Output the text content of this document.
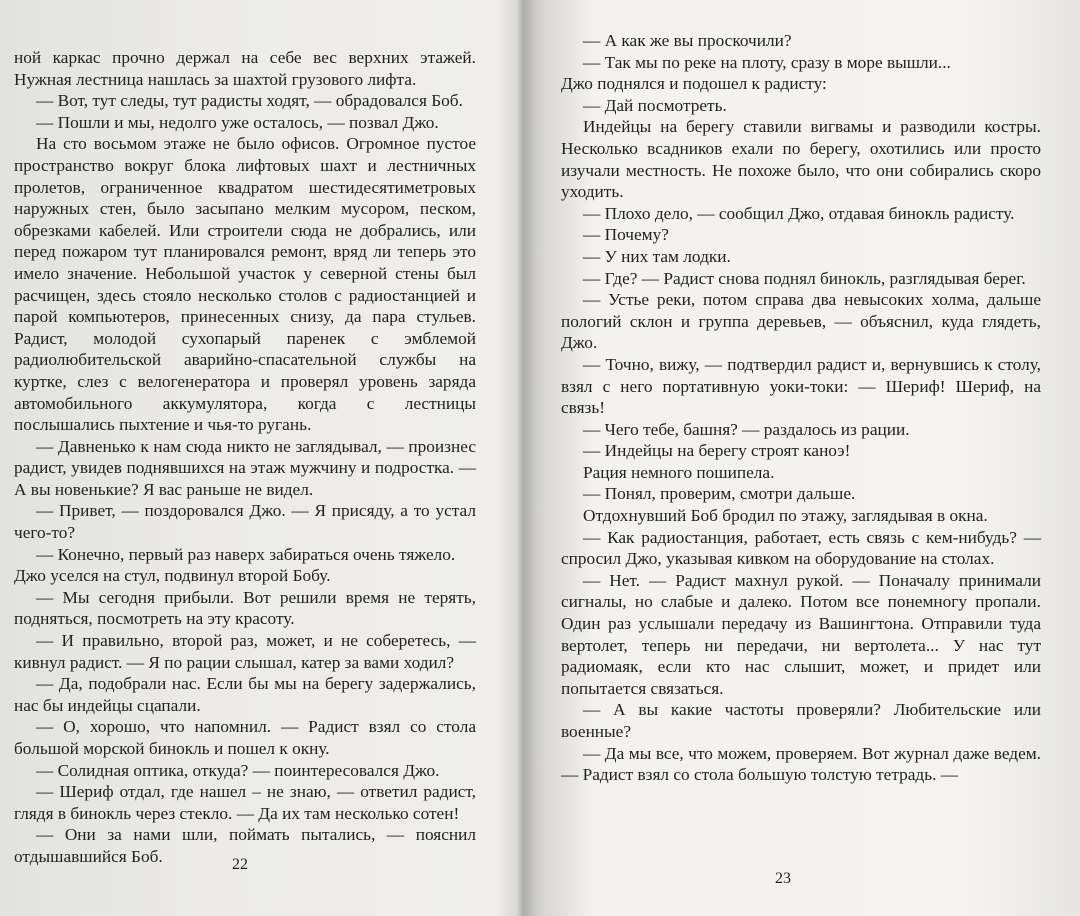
ной каркас прочно держал на себе вес верхних этажей. Нужная лестница нашлась за шахтой грузового лифта.

— Вот, тут следы, тут радисты ходят, — обрадовался Боб.

— Пошли и мы, недолго уже осталось, — позвал Джо.

На сто восьмом этаже не было офисов. Огромное пустое пространство вокруг блока лифтовых шахт и лестничных пролетов, ограниченное квадратом шестидесятиметровых наружных стен, было засыпано мелким мусором, песком, обрезками кабелей. Или строители сюда не добрались, или перед пожаром тут планировался ремонт, вряд ли теперь это имело значение. Небольшой участок у северной стены был расчищен, здесь стояло несколько столов с радиостанцией и парой компьютеров, принесенных снизу, да пара стульев. Радист, молодой сухопарый паренек с эмблемой радиолюбительской аварийно-спасательной службы на куртке, слез с велогенератора и проверял уровень заряда автомобильного аккумулятора, когда с лестницы послышались пыхтение и чья-то ругань.

— Давненько к нам сюда никто не заглядывал, — произнес радист, увидев поднявшихся на этаж мужчину и подростка. — А вы новенькие? Я вас раньше не видел.

— Привет, — поздоровался Джо. — Я присяду, а то устал чего-то?

— Конечно, первый раз наверх забираться очень тяжело.

Джо уселся на стул, подвинул второй Бобу.

— Мы сегодня прибыли. Вот решили время не терять, подняться, посмотреть на эту красоту.

— И правильно, второй раз, может, и не соберетесь, — кивнул радист. — Я по рации слышал, катер за вами ходил?

— Да, подобрали нас. Если бы мы на берегу задержались, нас бы индейцы сцапали.

— О, хорошо, что напомнил. — Радист взял со стола большой морской бинокль и пошел к окну.

— Солидная оптика, откуда? — поинтересовался Джо.

— Шериф отдал, где нашел – не знаю, — ответил радист, глядя в бинокль через стекло. — Да их там несколько сотен!

— Они за нами шли, поймать пытались, — пояснил отдышавшийся Боб.	22

— А как же вы проскочили?

— Так мы по реке на плоту, сразу в море вышли...

Джо поднялся и подошел к радисту:

— Дай посмотреть.

Индейцы на берегу ставили вигвамы и разводили костры. Несколько всадников ехали по берегу, охотились или просто изучали местность. Не похоже было, что они собирались скоро уходить.

— Плохо дело, — сообщил Джо, отдавая бинокль радисту.

— Почему?

— У них там лодки.

— Где? — Радист снова поднял бинокль, разглядывая берег.

— Устье реки, потом справа два невысоких холма, дальше пологий склон и группа деревьев, — объяснил, куда глядеть, Джо.

— Точно, вижу, — подтвердил радист и, вернувшись к столу, взял с него портативную уоки-токи: — Шериф! Шериф, на связь!

— Чего тебе, башня? — раздалось из рации.

— Индейцы на берегу строят каноэ!

Рация немного пошипела.

— Понял, проверим, смотри дальше.

Отдохнувший Боб бродил по этажу, заглядывая в окна.

— Как радиостанция, работает, есть связь с кем-нибудь? — спросил Джо, указывая кивком на оборудование на столах.

— Нет. — Радист махнул рукой. — Поначалу принимали сигналы, но слабые и далеко. Потом все понемногу пропали. Один раз услышали передачу из Вашингтона. Отправили туда вертолет, теперь ни передачи, ни вертолета... У нас тут радиомаяк, если кто нас слышит, может, и придет или попытается связаться.

— А вы какие частоты проверяли? Любительские или военные?

— Да мы все, что можем, проверяем. Вот журнал даже ведем. — Радист взял со стола большую толстую тетрадь. —

23
